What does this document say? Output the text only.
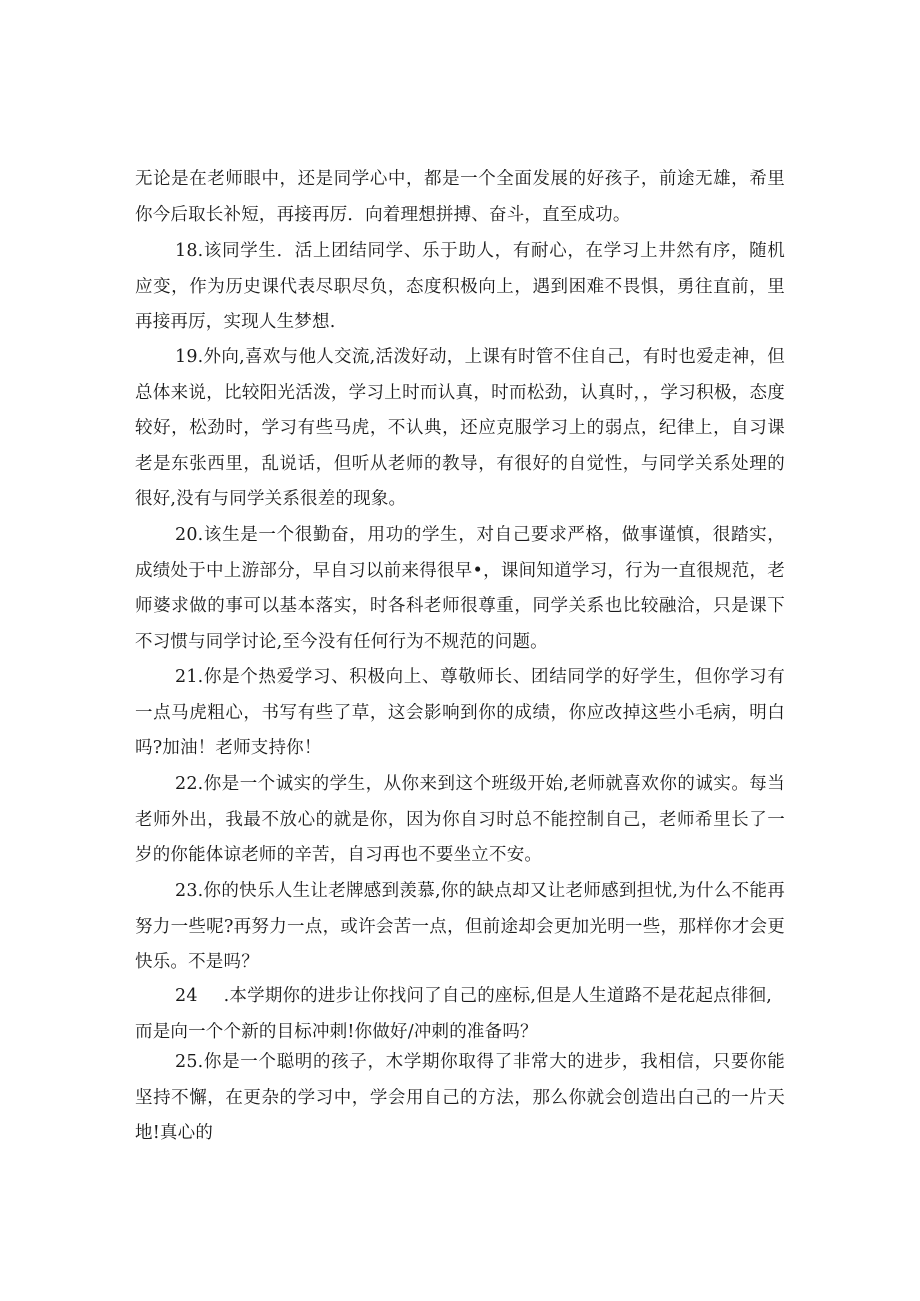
无论是在老师眼中，还是同学心中，都是一个全面发展的好孩子，前途无雄，希里你今后取长补短，再接再厉．向着理想拼搏、奋斗，直至成功。

18.该同学生．活上团结同学、乐于助人，有耐心，在学习上井然有序，随机应变，作为历史课代表尽职尽负，态度积极向上，遇到困难不畏惧，勇往直前，里再接再厉，实现人生梦想.

19.外向,喜欢与他人交流,活泼好动，上课有时管不住自己，有时也爱走神，但总体来说，比较阳光活泼，学习上时而认真，时而松劲，认真时，，学习积极，态度较好，松劲时，学习有些马虎，不认典，还应克服学习上的弱点，纪律上，自习课老是东张西里，乱说话，但听从老师的教导，有很好的自觉性，与同学关系处理的很好,没有与同学关系很差的现象。

20.该生是一个很勤奋，用功的学生，对自己要求严格，做事谨慎，很踏实，成绩处于中上游部分，早自习以前来得很早•，课间知道学习，行为一直很规范，老师婆求做的事可以基本落实，时各科老师很尊重，同学关系也比较融洽，只是课下不习惯与同学讨论,至今没有任何行为不规范的问题。

21.你是个热爱学习、积极向上、尊敬师长、团结同学的好学生，但你学习有一点马虎粗心，书写有些了草，这会影响到你的成绩，你应改掉这些小毛病，明白吗?加油！老师支持你！

22.你是一个诚实的学生，从你来到这个班级开始,老师就喜欢你的诚实。每当老师外出，我最不放心的就是你，因为你自习时总不能控制自己，老师希里长了一岁的你能体谅老师的辛苦，自习再也不要坐立不安。

23.你的快乐人生让老牌感到羡慕,你的缺点却又让老师感到担忧,为什么不能再努力一些呢?再努力一点，或许会苦一点，但前途却会更加光明一些，那样你才会更快乐。不是吗？

24 .本学期你的进步让你找问了自己的座标,但是人生道路不是花起点徘徊,
而是向一个个新的目标冲刺!你做好/冲刺的准备吗？

25.你是一个聪明的孩子，木学期你取得了非常大的进步，我相信，只要你能坚持不懈，在更杂的学习中，学会用自己的方法，那么你就会创造出白己的一片天地!真心的
